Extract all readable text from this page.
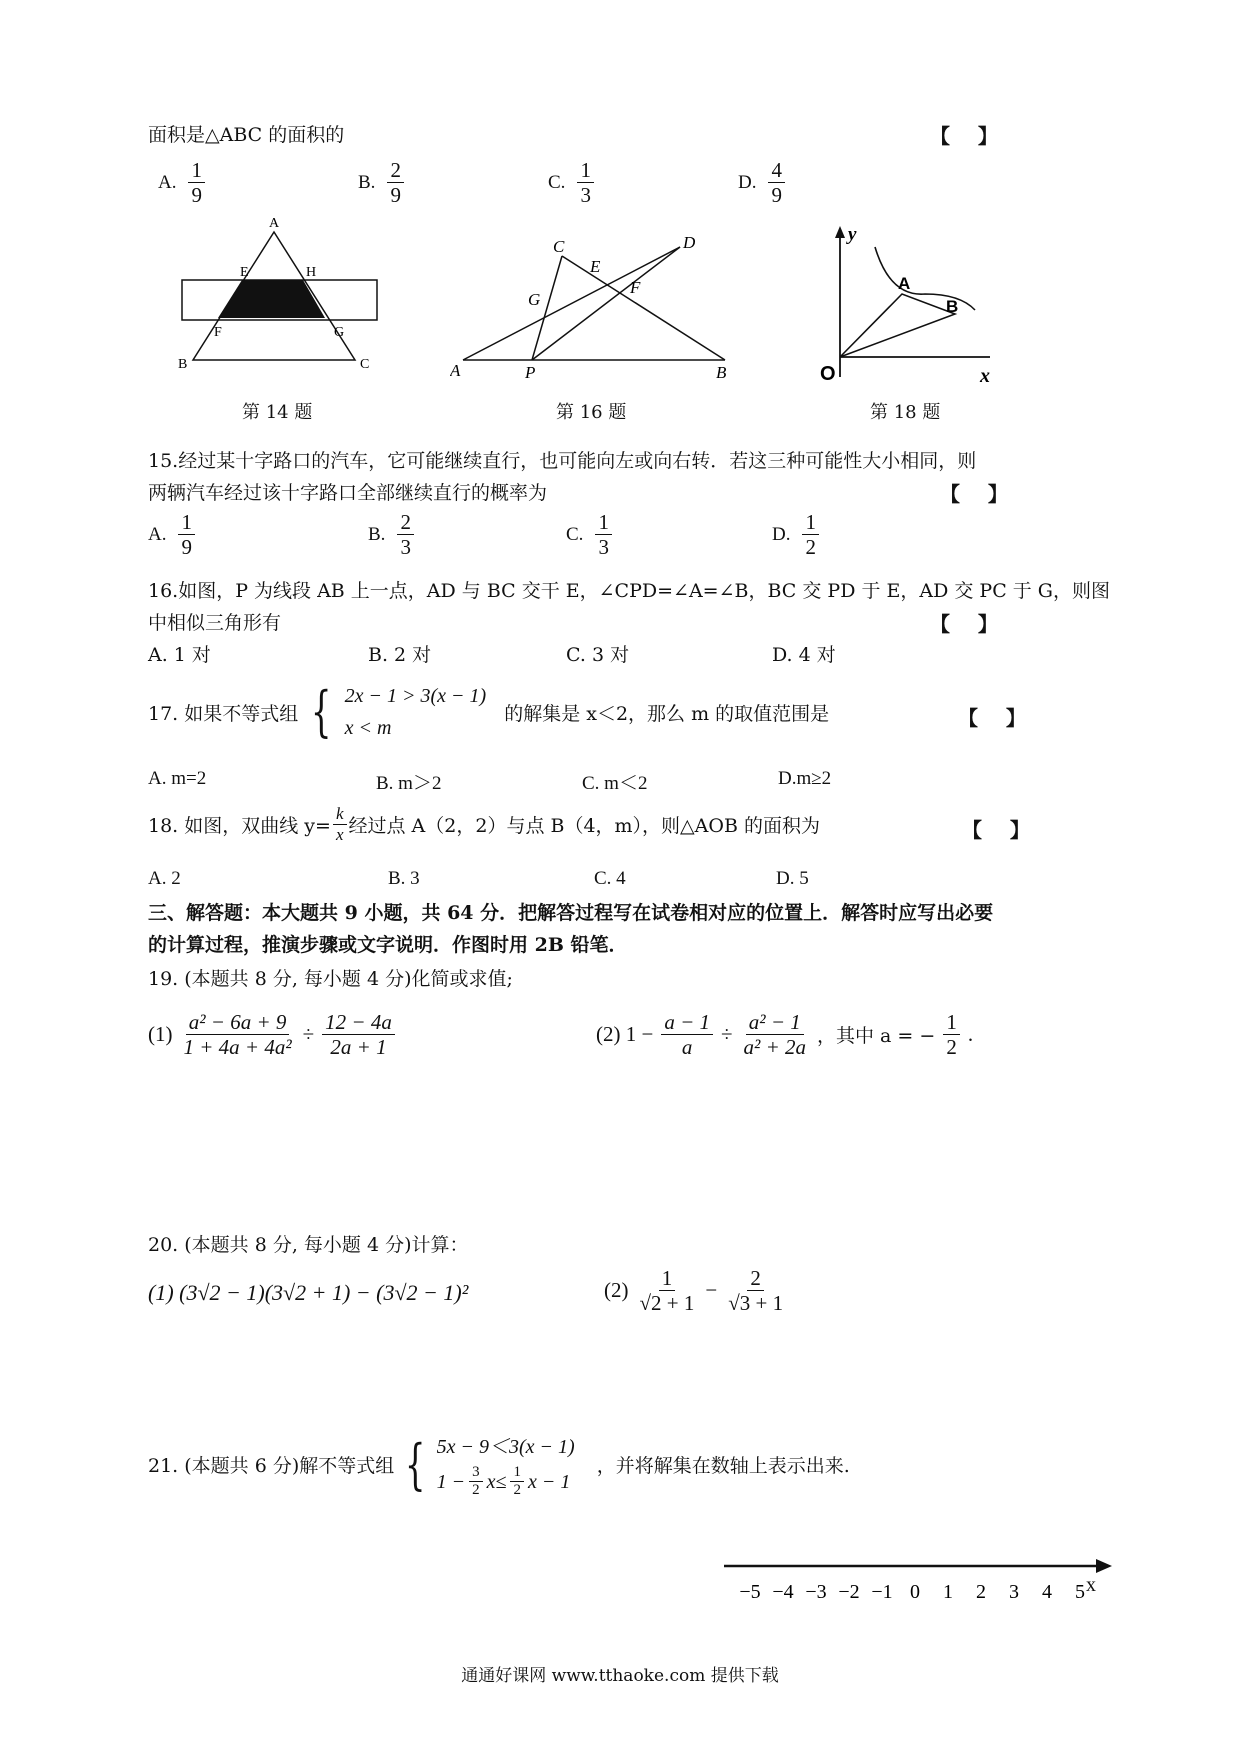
面积是△ABC 的面积的	【    】
A. $\frac{1}{9}$	B. $\frac{2}{9}$	C. $\frac{1}{3}$	D. $\frac{4}{9}$
A
E	H
F	G
B	C
第 14 题
C
E
D
G
F
A	P	B
第 16 题
y
A
B
O	x
第 18 题
15.经过某十字路口的汽车，它可能继续直行，也可能向左或向右转．若这三种可能性大小相同，则
两辆汽车经过该十字路口全部继续直行的概率为	【    】
A. $\frac{1}{9}$	B. $\frac{2}{3}$	C. $\frac{1}{3}$	D. $\frac{1}{2}$
16.如图，P 为线段 AB 上一点，AD 与 BC 交干 E，∠CPD=∠A=∠B，BC 交 PD 于 E，AD 交 PC 于 G，则图
中相似三角形有	【    】
A. 1 对	B. 2 对	C. 3 对	D. 4 对
17. 如果不等式组 { 2x − 1 > 3(x − 1)
x < m
的解集是 x＜2，那么 m 的取值范围是	【    】
A. m=2	B. m＞2	C. m＜2	D.m≥2
18. 如图，双曲线 $y= \frac{k}{x}$ 经过点 A（2，2）与点 B（4，m），则△AOB 的面积为	【    】
A. 2	B. 3	C. 4	D. 5
三、解答题：本大题共 9 小题，共 64 分．把解答过程写在试卷相对应的位置上．解答时应写出必要
的计算过程，推演步骤或文字说明．作图时用 2B 铅笔．
19. (本题共 8 分, 每小题 4 分)化简或求值;
$(1) \frac{\text{a² − 6a + 9}}{\text{1 + 4a + 4a²}} \div \frac{12 - 4a}{2a + 1}$	(2) $1 - \frac{a - 1}{a} \div \frac{\text{a² − 1}}{\text{a² + 2a}}$ ，其中 a = − $\frac{1}{2}$ .
20. (本题共 8 分, 每小题 4 分)计算：
(1) (3√2 − 1)(3√2 + 1) − (3√2 − 1)²	$(2) \frac{1}{√2 + 1} - \frac{2}{√3 + 1}$
21. (本题共 6 分)解不等式组 { 5x − 9＜3(x − 1)
$1 - \frac{3}{2} x\le \frac{1}{2}$ x − 1
，并将解集在数轴上表示出来.
−5 −4 −3 −2 −1 0 1 2 3 4 5 x
通通好课网 www.tthaoke.com 提供下载
